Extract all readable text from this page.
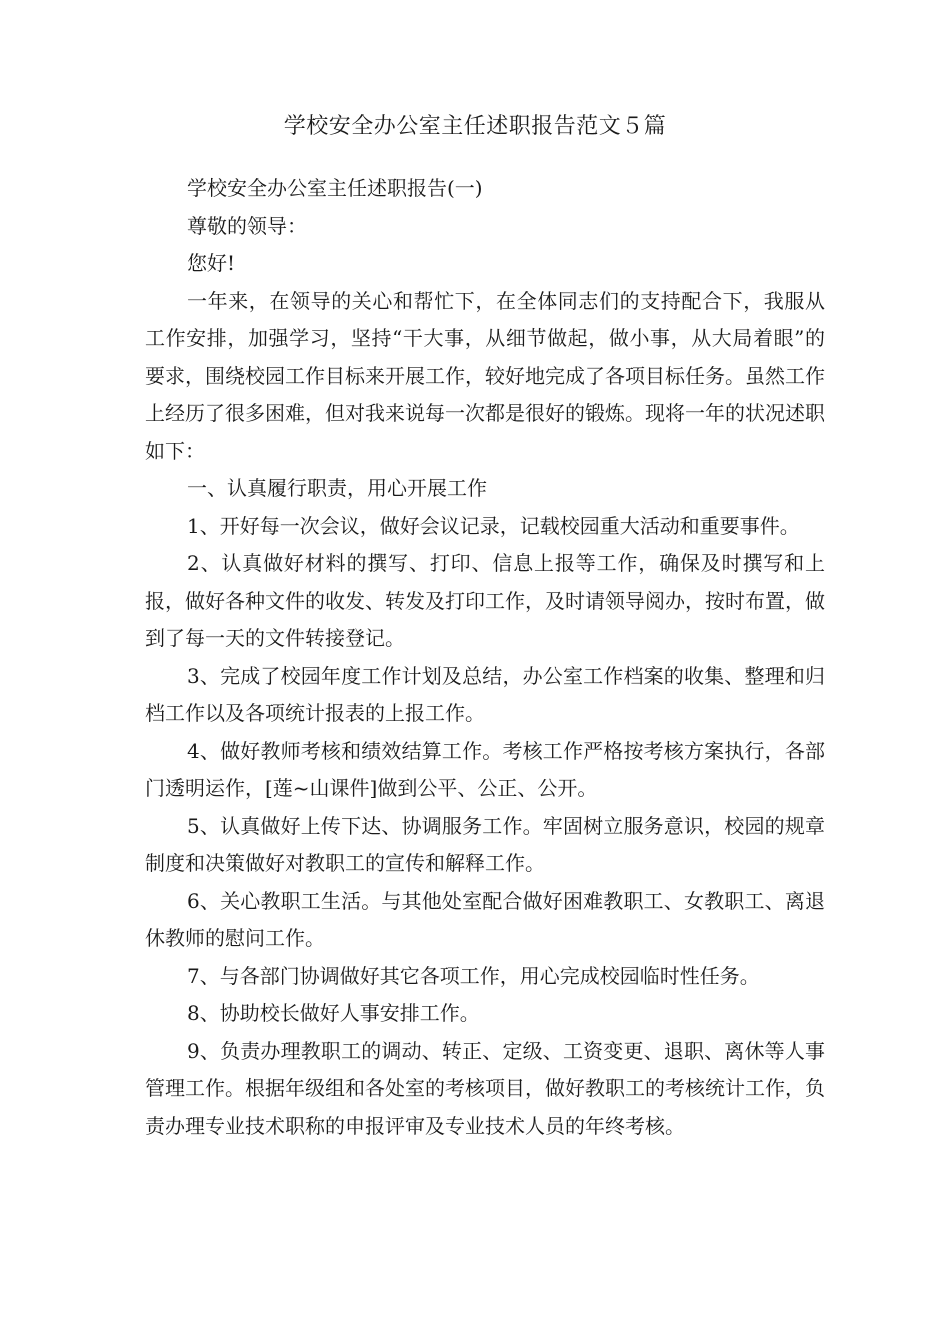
学校安全办公室主任述职报告范文５篇

学校安全办公室主任述职报告(一)

尊敬的领导：

您好!

一年来，在领导的关心和帮忙下，在全体同志们的支持配合下，我服从工作安排，加强学习，坚持“干大事，从细节做起，做小事，从大局着眼”的要求，围绕校园工作目标来开展工作，较好地完成了各项目标任务。虽然工作上经历了很多困难，但对我来说每一次都是很好的锻炼。现将一年的状况述职如下：

一、认真履行职责，用心开展工作

1、开好每一次会议，做好会议记录，记载校园重大活动和重要事件。

2、认真做好材料的撰写、打印、信息上报等工作，确保及时撰写和上报，做好各种文件的收发、转发及打印工作，及时请领导阅办，按时布置，做到了每一天的文件转接登记。

3、完成了校园年度工作计划及总结，办公室工作档案的收集、整理和归档工作以及各项统计报表的上报工作。

4、做好教师考核和绩效结算工作。考核工作严格按考核方案执行，各部门透明运作，[莲~山课件]做到公平、公正、公开。

5、认真做好上传下达、协调服务工作。牢固树立服务意识，校园的规章制度和决策做好对教职工的宣传和解释工作。

6、关心教职工生活。与其他处室配合做好困难教职工、女教职工、离退休教师的慰问工作。

7、与各部门协调做好其它各项工作，用心完成校园临时性任务。

8、协助校长做好人事安排工作。

9、负责办理教职工的调动、转正、定级、工资变更、退职、离休等人事管理工作。根据年级组和各处室的考核项目，做好教职工的考核统计工作，负责办理专业技术职称的申报评审及专业技术人员的年终考核。
